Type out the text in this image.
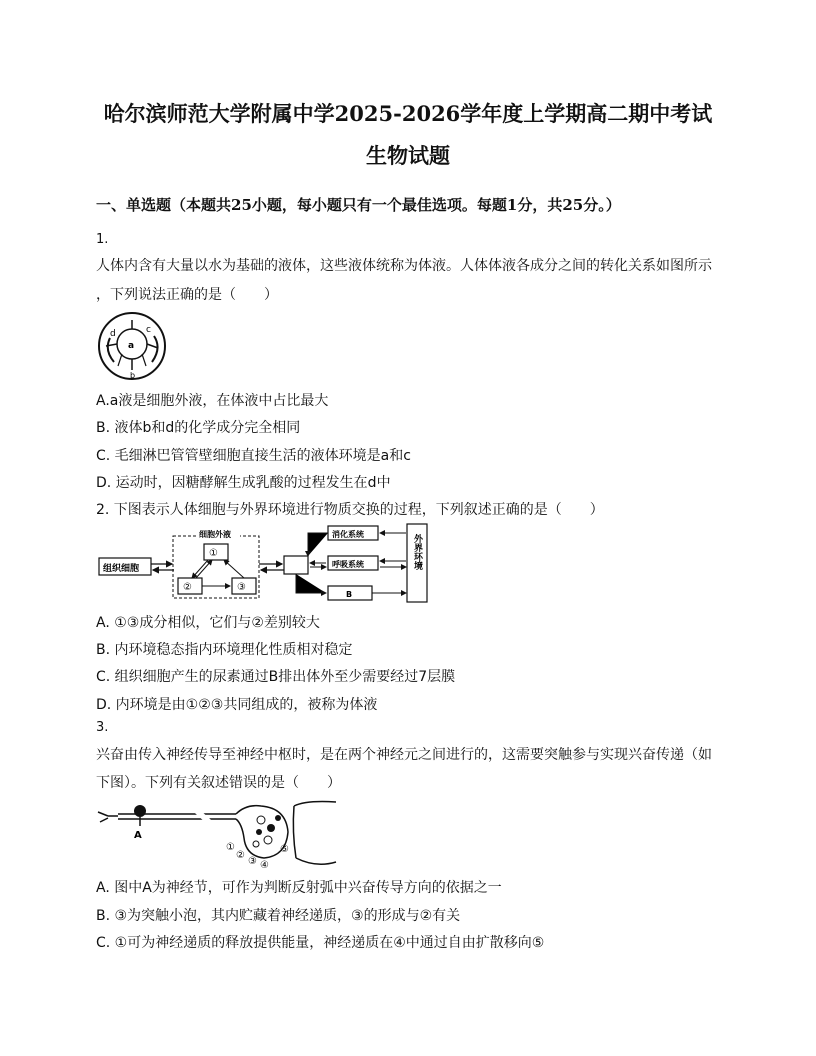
哈尔滨师范大学附属中学2025-2026学年度上学期高二期中考试
生物试题
一、单选题（本题共25小题，每小题只有一个最佳选项。每题1分，共25分。）
1.
人体内含有大量以水为基础的液体，这些液体统称为体液。人体体液各成分之间的转化关系如图所示
，下列说法正确的是（　　）
a
b
c
d
A.a液是细胞外液，在体液中占比最大
B. 液体b和d的化学成分完全相同
C. 毛细淋巴管管壁细胞直接生活的液体环境是a和c
D. 运动时，因糖酵解生成乳酸的过程发生在d中
2. 下图表示人体细胞与外界环境进行物质交换的过程，下列叙述正确的是（　　）
组织细胞
细胞外液
①
②	③
消化系统
呼吸系统
B
外界环境
A. ①③成分相似，它们与②差别较大
B. 内环境稳态指内环境理化性质相对稳定
C. 组织细胞产生的尿素通过B排出体外至少需要经过7层膜
D. 内环境是由①②③共同组成的，被称为体液
3.
兴奋由传入神经传导至神经中枢时，是在两个神经元之间进行的，这需要突触参与实现兴奋传递（如
下图）。下列有关叙述错误的是（　　）
A
①
②
③ ④
⑤
A. 图中A为神经节，可作为判断反射弧中兴奋传导方向的依据之一
B. ③为突触小泡，其内贮藏着神经递质，③的形成与②有关
C. ①可为神经递质的释放提供能量，神经递质在④中通过自由扩散移向⑤
